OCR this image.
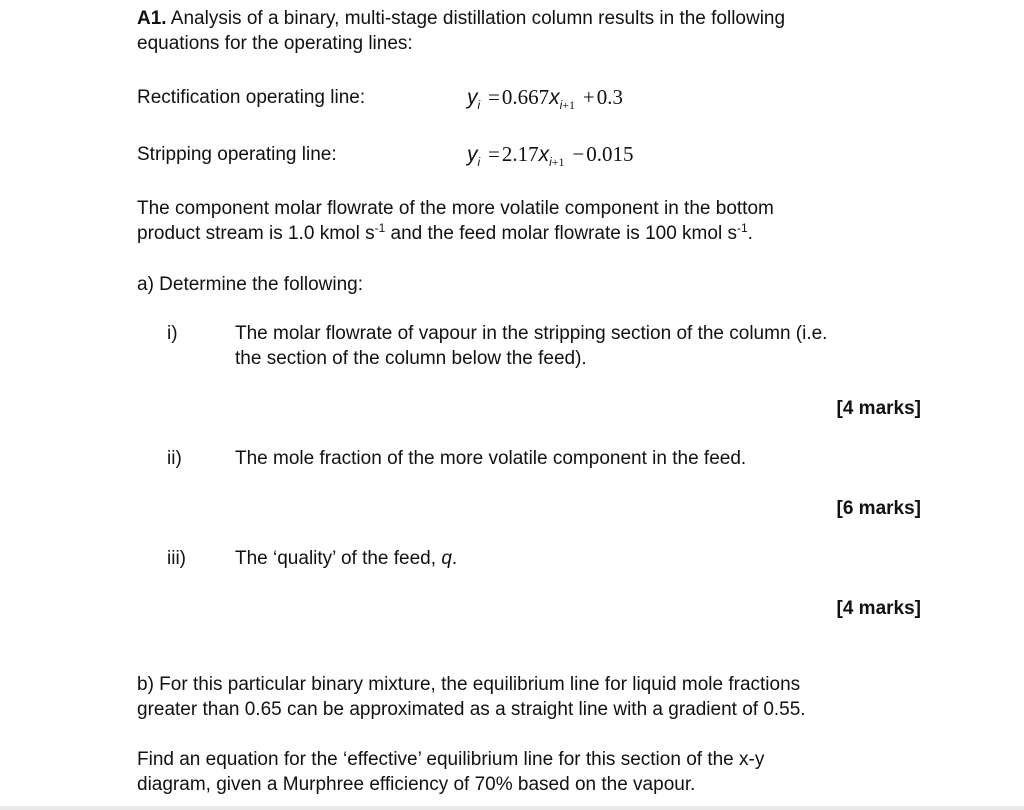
A1. Analysis of a binary, multi-stage distillation column results in the following
equations for the operating lines:
Rectification operating line:	$y_i =0.667x_{i+1} +0.3$
Stripping operating line:	$y_i =2.17x_{i+1} -0.015$
The component molar flowrate of the more volatile component in the bottom
product stream is 1.0 kmol $s^{-1}$ and the feed molar flowrate is 100 kmol $s^{-1}$.
a) Determine the following:
i)	The molar flowrate of vapour in the stripping section of the column (i.e.
the section of the column below the feed).
[4 marks]
ii)	The mole fraction of the more volatile component in the feed.
[6 marks]
iii)	The ‘quality’ of the feed, q.
[4 marks]
b) For this particular binary mixture, the equilibrium line for liquid mole fractions
greater than 0.65 can be approximated as a straight line with a gradient of 0.55.
Find an equation for the ‘effective’ equilibrium line for this section of the x-y
diagram, given a Murphree efficiency of 70% based on the vapour.
